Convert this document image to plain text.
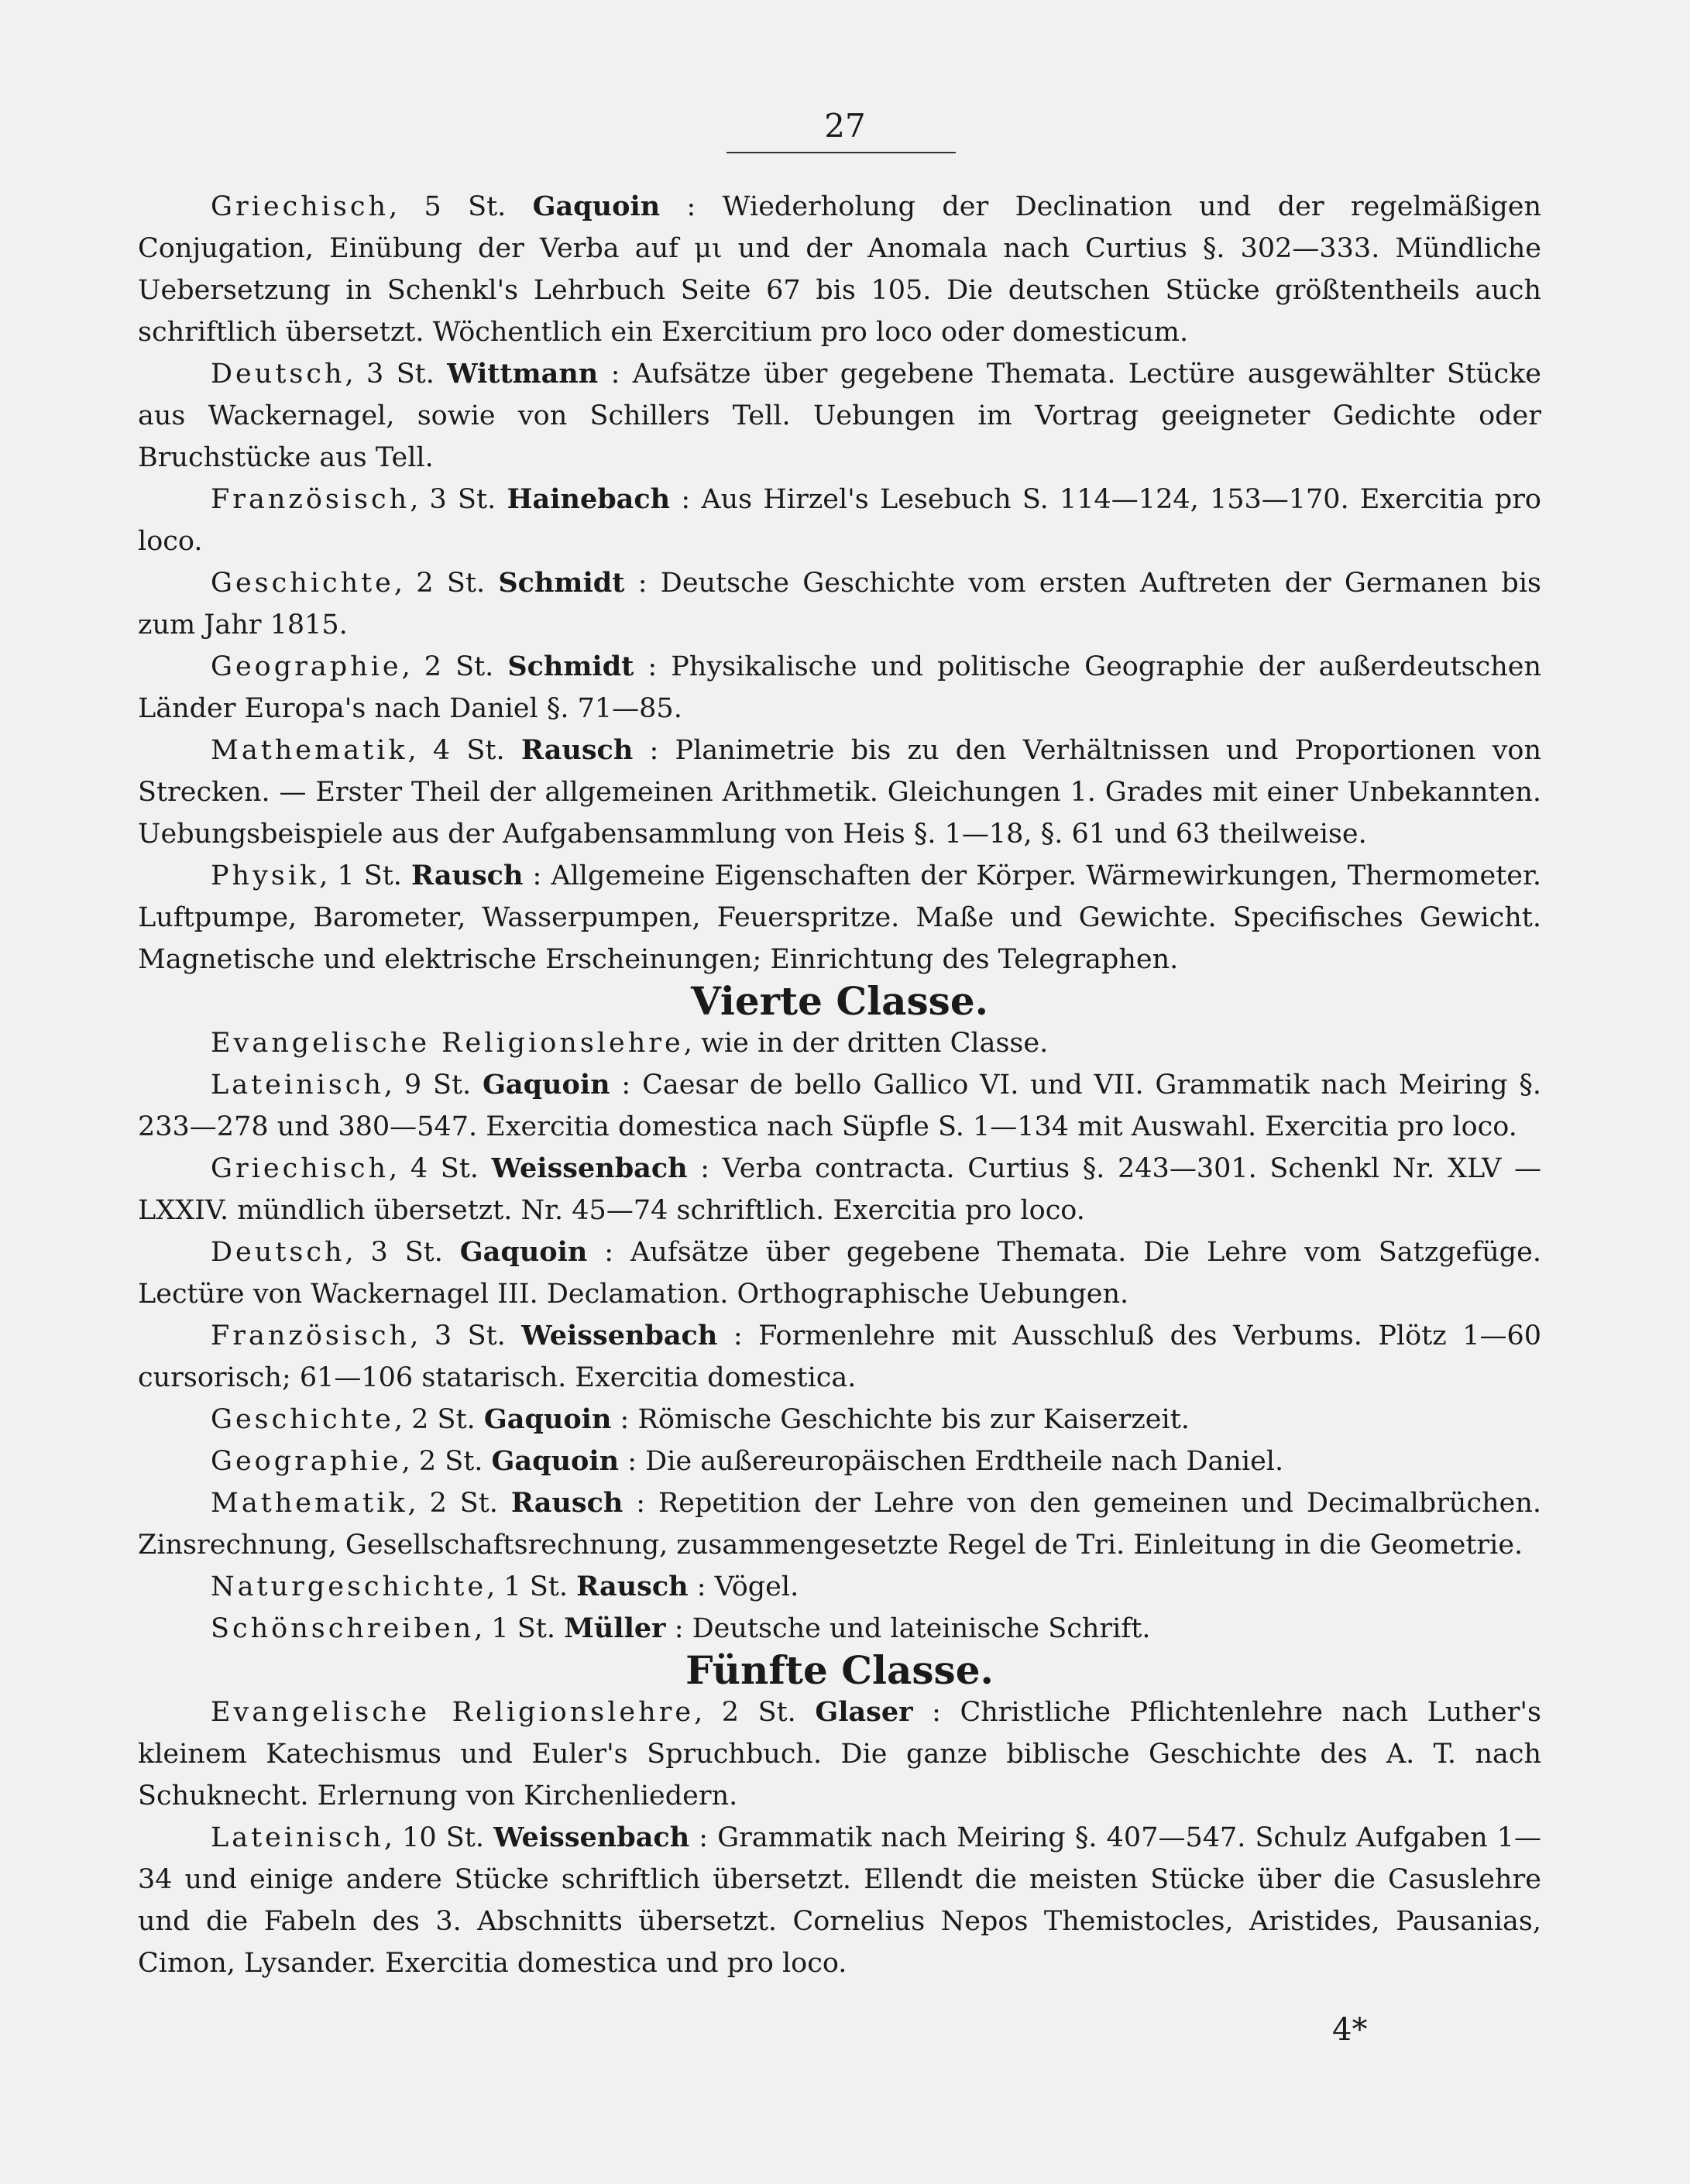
27

Griechisch, 5 St. Gaquoin : Wiederholung der Declination und der regelmäßigen Conjugation, Einübung der Verba auf μι und der Anomala nach Curtius §. 302—333. Mündliche Uebersetzung in Schenkl's Lehrbuch Seite 67 bis 105. Die deutschen Stücke größtentheils auch schriftlich übersetzt. Wöchentlich ein Exercitium pro loco oder domesticum.

Deutsch, 3 St. Wittmann : Aufsätze über gegebene Themata. Lectüre ausgewählter Stücke aus Wackernagel, sowie von Schillers Tell. Uebungen im Vortrag geeigneter Gedichte oder Bruchstücke aus Tell.

Französisch, 3 St. Hainebach : Aus Hirzel's Lesebuch S. 114—124, 153—170. Exercitia pro loco.

Geschichte, 2 St. Schmidt : Deutsche Geschichte vom ersten Auftreten der Germanen bis zum Jahr 1815.

Geographie, 2 St. Schmidt : Physikalische und politische Geographie der außerdeutschen Länder Europa's nach Daniel §. 71—85.

Mathematik, 4 St. Rausch : Planimetrie bis zu den Verhältnissen und Proportionen von Strecken. — Erster Theil der allgemeinen Arithmetik. Gleichungen 1. Grades mit einer Unbekannten. Uebungsbeispiele aus der Aufgabensammlung von Heis §. 1—18, §. 61 und 63 theilweise.

Physik, 1 St. Rausch : Allgemeine Eigenschaften der Körper. Wärmewirkungen, Thermometer. Luftpumpe, Barometer, Wasserpumpen, Feuerspritze. Maße und Gewichte. Specifisches Gewicht. Magnetische und elektrische Erscheinungen; Einrichtung des Telegraphen.

Vierte Classe.

Evangelische Religionslehre, wie in der dritten Classe.

Lateinisch, 9 St. Gaquoin : Caesar de bello Gallico VI. und VII. Grammatik nach Meiring §. 233—278 und 380—547. Exercitia domestica nach Süpfle S. 1—134 mit Auswahl. Exercitia pro loco.

Griechisch, 4 St. Weissenbach : Verba contracta. Curtius §. 243—301. Schenkl Nr. XLV —LXXIV. mündlich übersetzt. Nr. 45—74 schriftlich. Exercitia pro loco.

Deutsch, 3 St. Gaquoin : Aufsätze über gegebene Themata. Die Lehre vom Satzgefüge. Lectüre von Wackernagel III. Declamation. Orthographische Uebungen.

Französisch, 3 St. Weissenbach : Formenlehre mit Ausschluß des Verbums. Plötz 1—60 cursorisch; 61—106 statarisch. Exercitia domestica.

Geschichte, 2 St. Gaquoin : Römische Geschichte bis zur Kaiserzeit.

Geographie, 2 St. Gaquoin : Die außereuropäischen Erdtheile nach Daniel.

Mathematik, 2 St. Rausch : Repetition der Lehre von den gemeinen und Decimalbrüchen. Zinsrechnung, Gesellschaftsrechnung, zusammengesetzte Regel de Tri. Einleitung in die Geometrie.

Naturgeschichte, 1 St. Rausch : Vögel.

Schönschreiben, 1 St. Müller : Deutsche und lateinische Schrift.

Fünfte Classe.

Evangelische Religionslehre, 2 St. Glaser : Christliche Pflichtenlehre nach Luther's kleinem Katechismus und Euler's Spruchbuch. Die ganze biblische Geschichte des A. T. nach Schuknecht. Erlernung von Kirchenliedern.

Lateinisch, 10 St. Weissenbach : Grammatik nach Meiring §. 407—547. Schulz Aufgaben 1—34 und einige andere Stücke schriftlich übersetzt. Ellendt die meisten Stücke über die Casuslehre und die Fabeln des 3. Abschnitts übersetzt. Cornelius Nepos Themistocles, Aristides, Pausanias, Cimon, Lysander. Exercitia domestica und pro loco.

4*
